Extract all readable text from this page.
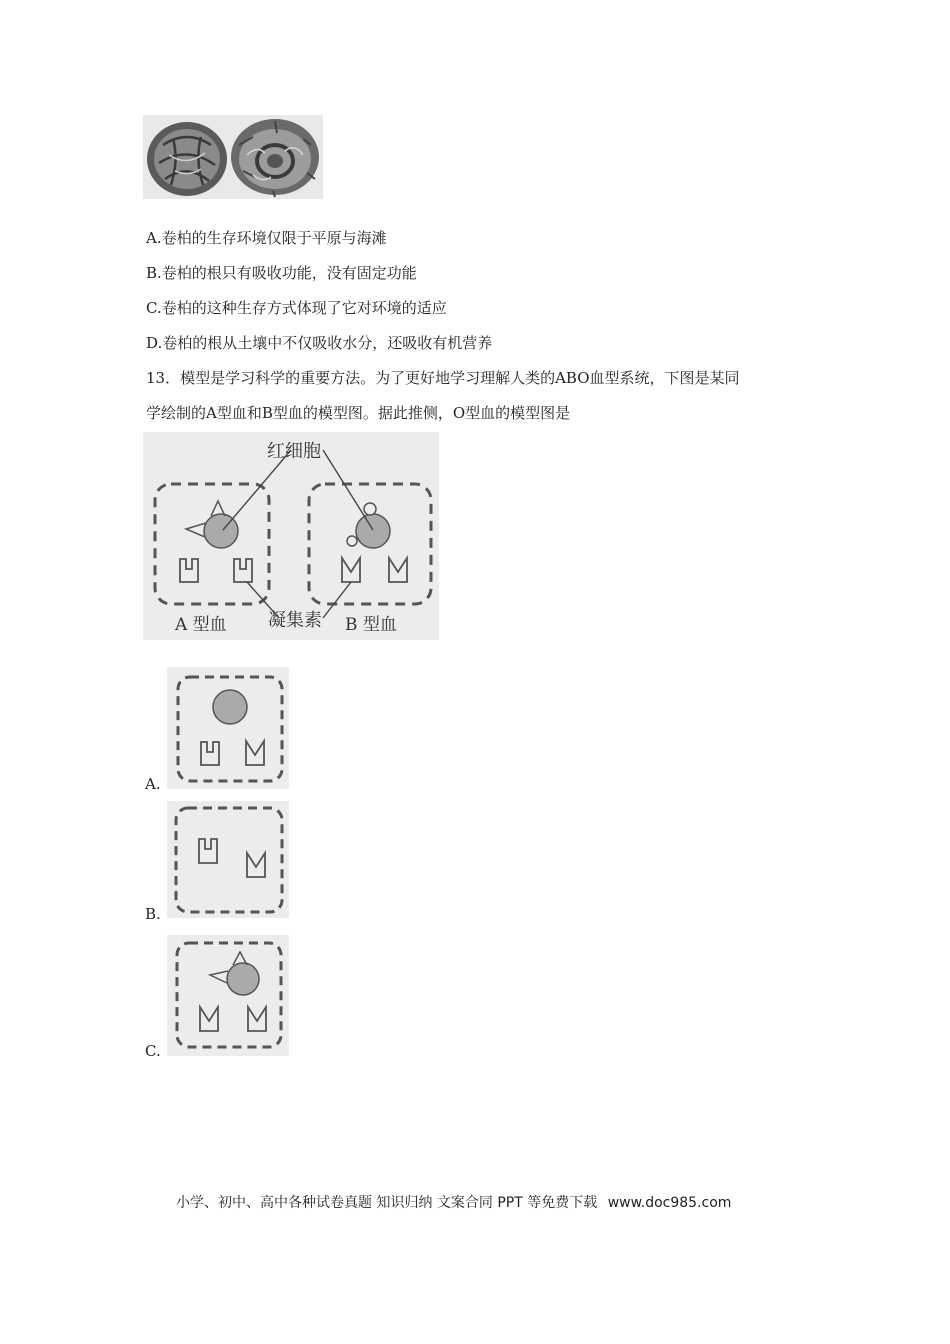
A.卷柏的生存环境仅限于平原与海滩
B.卷柏的根只有吸收功能，没有固定功能
C.卷柏的这种生存方式体现了它对环境的适应
D.卷柏的根从土壤中不仅吸收水分，还吸收有机营养
13．模型是学习科学的重要方法。为了更好地学习理解人类的ABO血型系统，下图是某同
学绘制的A型血和B型血的模型图。据此推侧，O型血的模型图是
红细胞
凝集素
A 型血	B 型血
A.
B.
C.
小学、初中、高中各种试卷真题 知识归纳 文案合同 PPT 等免费下载 www.doc985.com
